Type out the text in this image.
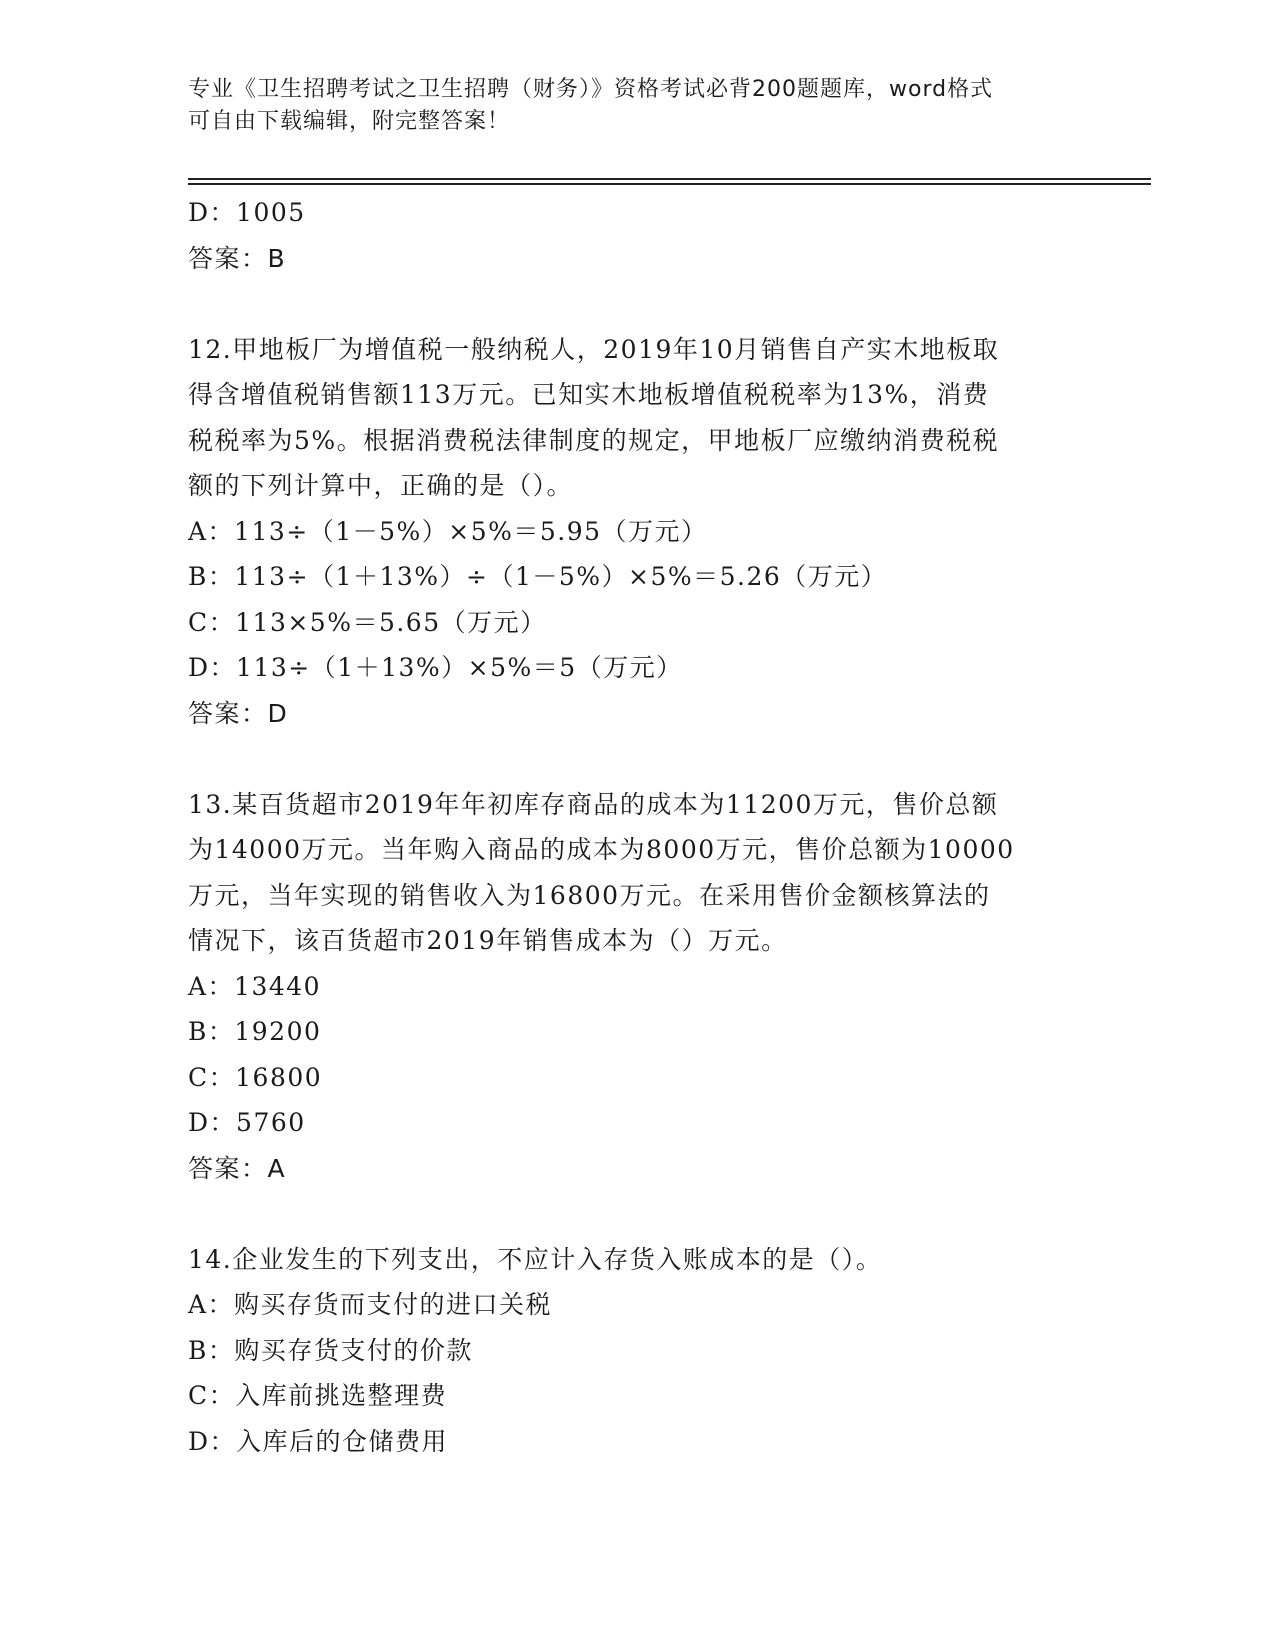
专业《卫生招聘考试之卫生招聘（财务）》资格考试必背200题题库，word格式
可自由下载编辑，附完整答案！
D：1005
答案：B
12.甲地板厂为增值税一般纳税人，2019年10月销售自产实木地板取
得含增值税销售额113万元。已知实木地板增值税税率为13%，消费
税税率为5%。根据消费税法律制度的规定，甲地板厂应缴纳消费税税
额的下列计算中，正确的是（）。
A：113÷（1－5%）×5%＝5.95（万元）
B：113÷（1＋13%）÷（1－5%）×5%＝5.26（万元）
C：113×5%＝5.65（万元）
D：113÷（1＋13%）×5%＝5（万元）
答案：D
13.某百货超市2019年年初库存商品的成本为11200万元，售价总额
为14000万元。当年购入商品的成本为8000万元，售价总额为10000
万元，当年实现的销售收入为16800万元。在采用售价金额核算法的
情况下，该百货超市2019年销售成本为（）万元。
A：13440
B：19200
C：16800
D：5760
答案：A
14.企业发生的下列支出，不应计入存货入账成本的是（）。
A：购买存货而支付的进口关税
B：购买存货支付的价款
C：入库前挑选整理费
D：入库后的仓储费用
